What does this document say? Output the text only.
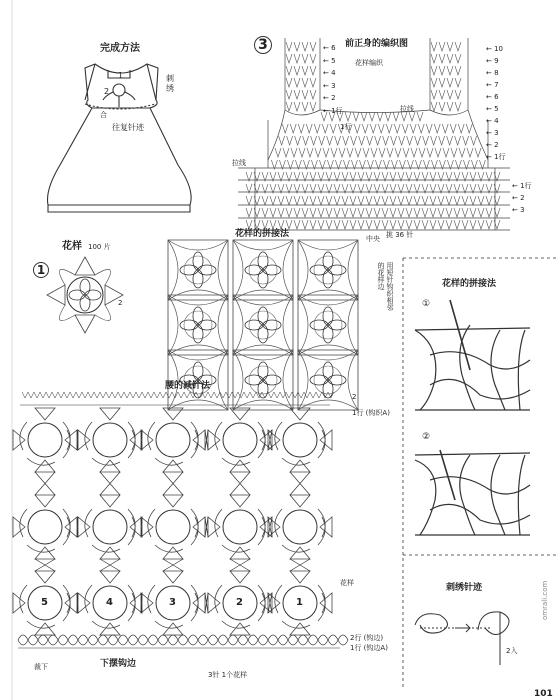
完成方法
1
2
刺
绣
往复针迹
合
3	前正身的编织图
花样编织
拉线
拉线
1行
中央 挑 36 针
← 6
← 5
← 4
← 3
← 2
← 1行
← 10
← 9
← 8
← 7
← 6
← 5
← 4
← 3
← 2
← 1行
← 1行
← 2
← 3
1
花样 100 片
2
花样的拼接法
用短针钩织相邻
的花样边	花样的拼接法
①
②
刺绣针迹
2入
腰的减针法
2
1行 (钩织A)
花样
2行 (钩边)
1行 (钩边A)
裁下	下摆钩边
3针 1个花样
5	4	3	2	1
101
omrali.com
